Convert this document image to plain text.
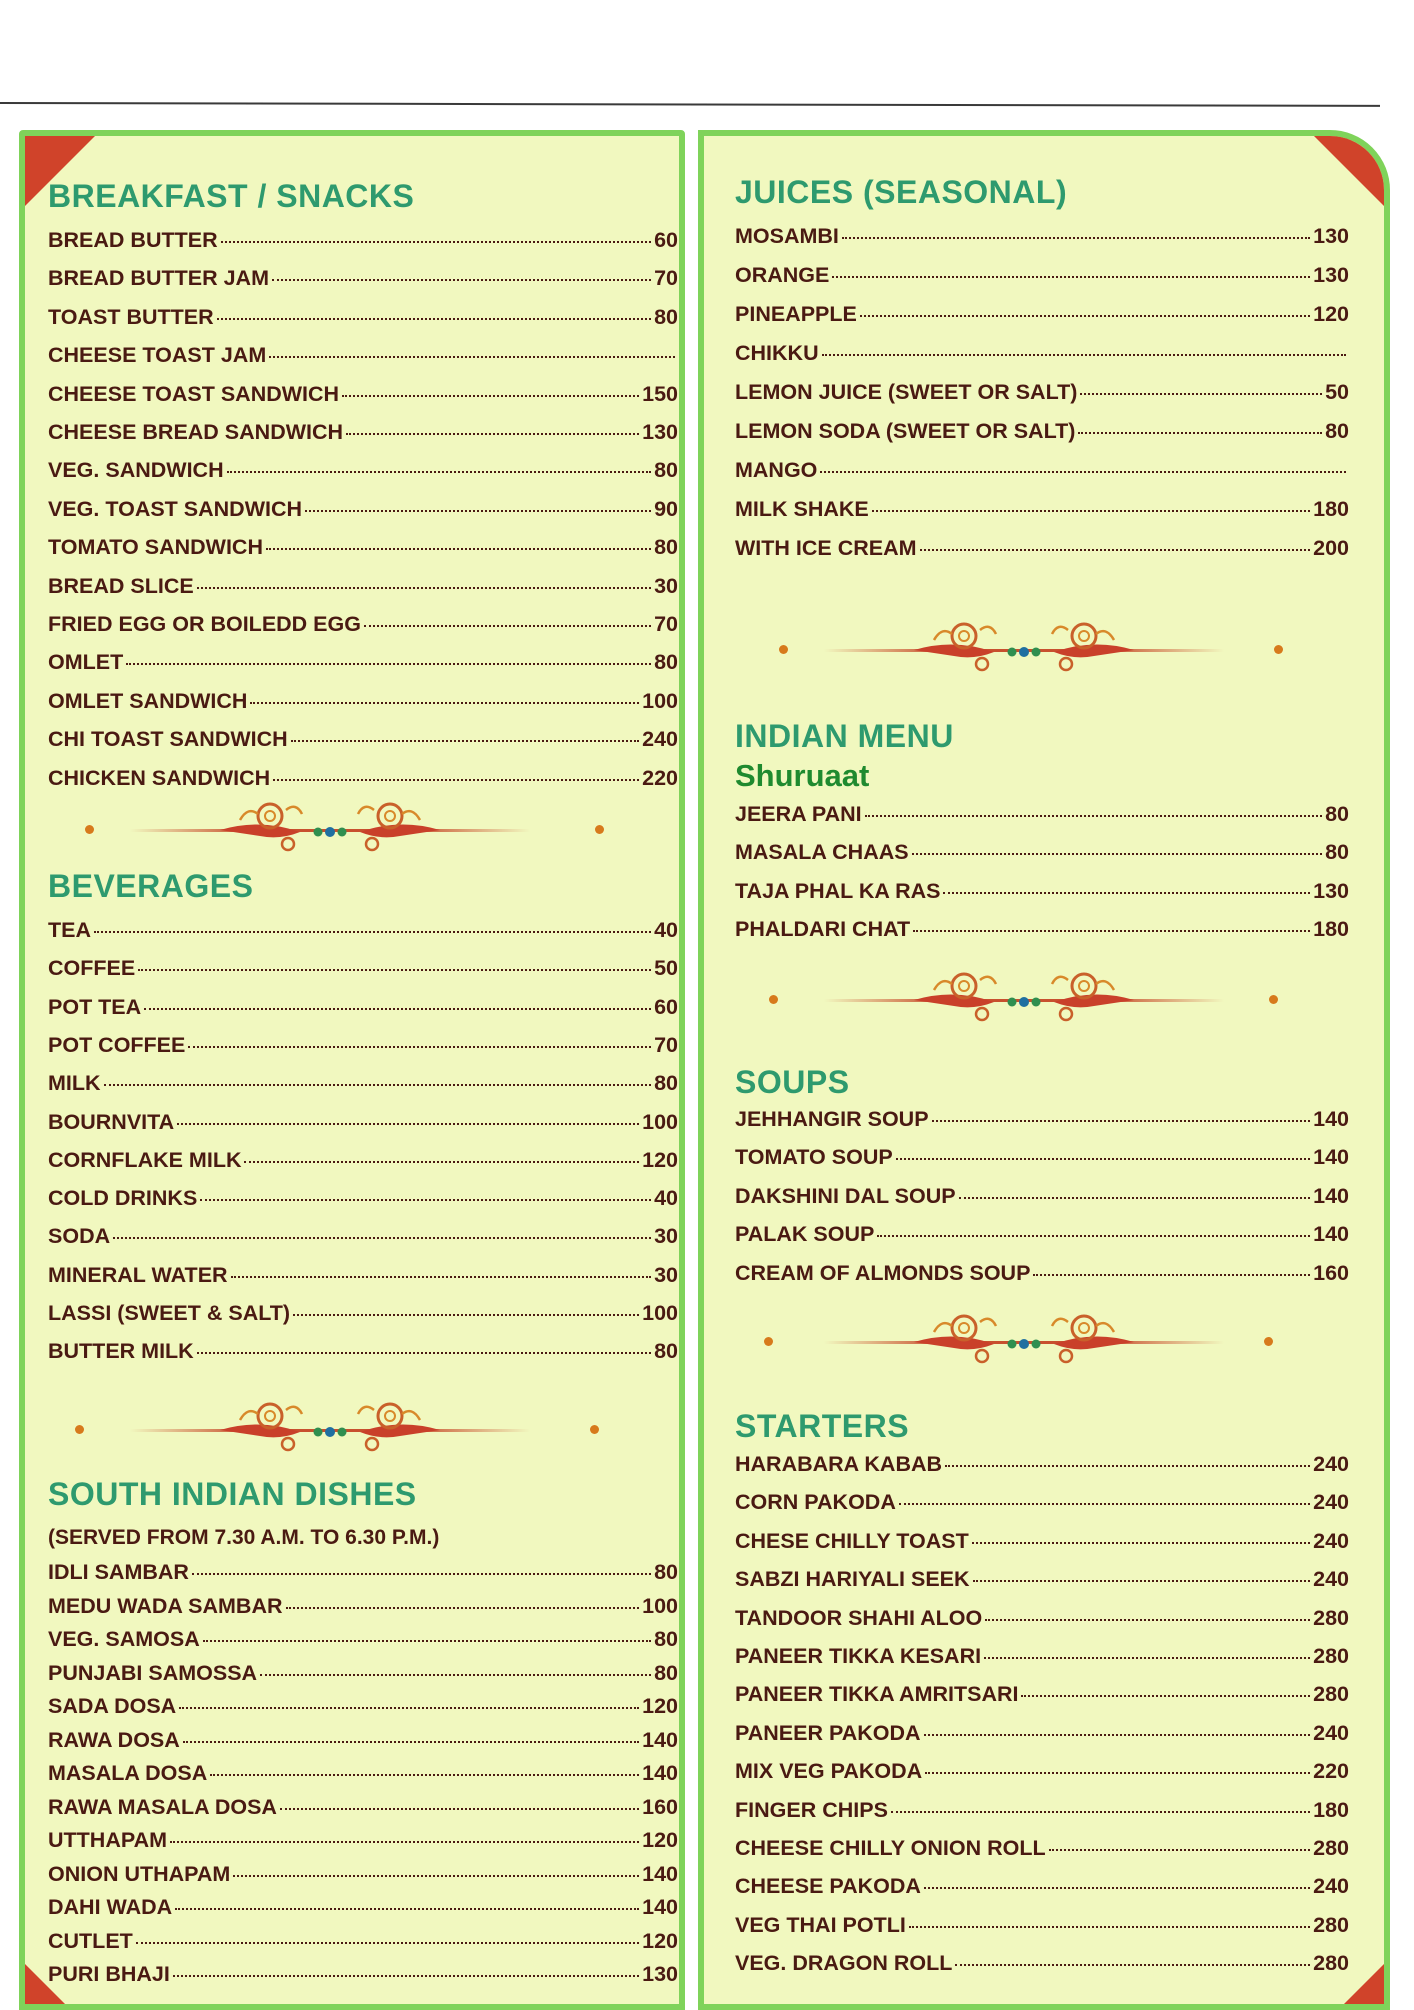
BREAKFAST / SNACKS
BREAD BUTTER	60
BREAD BUTTER JAM	70
TOAST BUTTER	80
CHEESE TOAST JAM
CHEESE TOAST SANDWICH	150
CHEESE BREAD SANDWICH	130
VEG. SANDWICH	80
VEG. TOAST SANDWICH	90
TOMATO SANDWICH	80
BREAD SLICE	30
FRIED EGG OR BOILEDD EGG	70
OMLET	80
OMLET SANDWICH	100
CHI TOAST SANDWICH	240
CHICKEN SANDWICH	220
BEVERAGES
TEA	40
COFFEE	50
POT TEA	60
POT COFFEE	70
MILK	80
BOURNVITA	100
CORNFLAKE MILK	120
COLD DRINKS	40
SODA	30
MINERAL WATER	30
LASSI (SWEET & SALT)	100
BUTTER MILK	80
SOUTH INDIAN DISHES
(SERVED FROM 7.30 A.M. TO 6.30 P.M.)
IDLI SAMBAR	80
MEDU WADA SAMBAR	100
VEG. SAMOSA	80
PUNJABI SAMOSSA	80
SADA DOSA	120
RAWA DOSA	140
MASALA DOSA	140
RAWA MASALA DOSA	160
UTTHAPAM	120
ONION UTHAPAM	140
DAHI WADA	140
CUTLET	120
PURI BHAJI	130
JUICES (SEASONAL)
MOSAMBI	130
ORANGE	130
PINEAPPLE	120
CHIKKU
LEMON JUICE (SWEET OR SALT)	50
LEMON SODA (SWEET OR SALT)	80
MANGO
MILK SHAKE	180
WITH ICE CREAM	200
INDIAN MENU
Shuruaat
JEERA PANI	80
MASALA CHAAS	80
TAJA PHAL KA RAS	130
PHALDARI CHAT	180
SOUPS
JEHHANGIR SOUP	140
TOMATO SOUP	140
DAKSHINI DAL SOUP	140
PALAK SOUP	140
CREAM OF ALMONDS SOUP	160
STARTERS
HARABARA KABAB	240
CORN PAKODA	240
CHESE CHILLY TOAST	240
SABZI HARIYALI SEEK	240
TANDOOR SHAHI ALOO	280
PANEER TIKKA KESARI	280
PANEER TIKKA AMRITSARI	280
PANEER PAKODA	240
MIX VEG PAKODA	220
FINGER CHIPS	180
CHEESE CHILLY ONION ROLL	280
CHEESE PAKODA	240
VEG THAI POTLI	280
VEG. DRAGON ROLL	280
